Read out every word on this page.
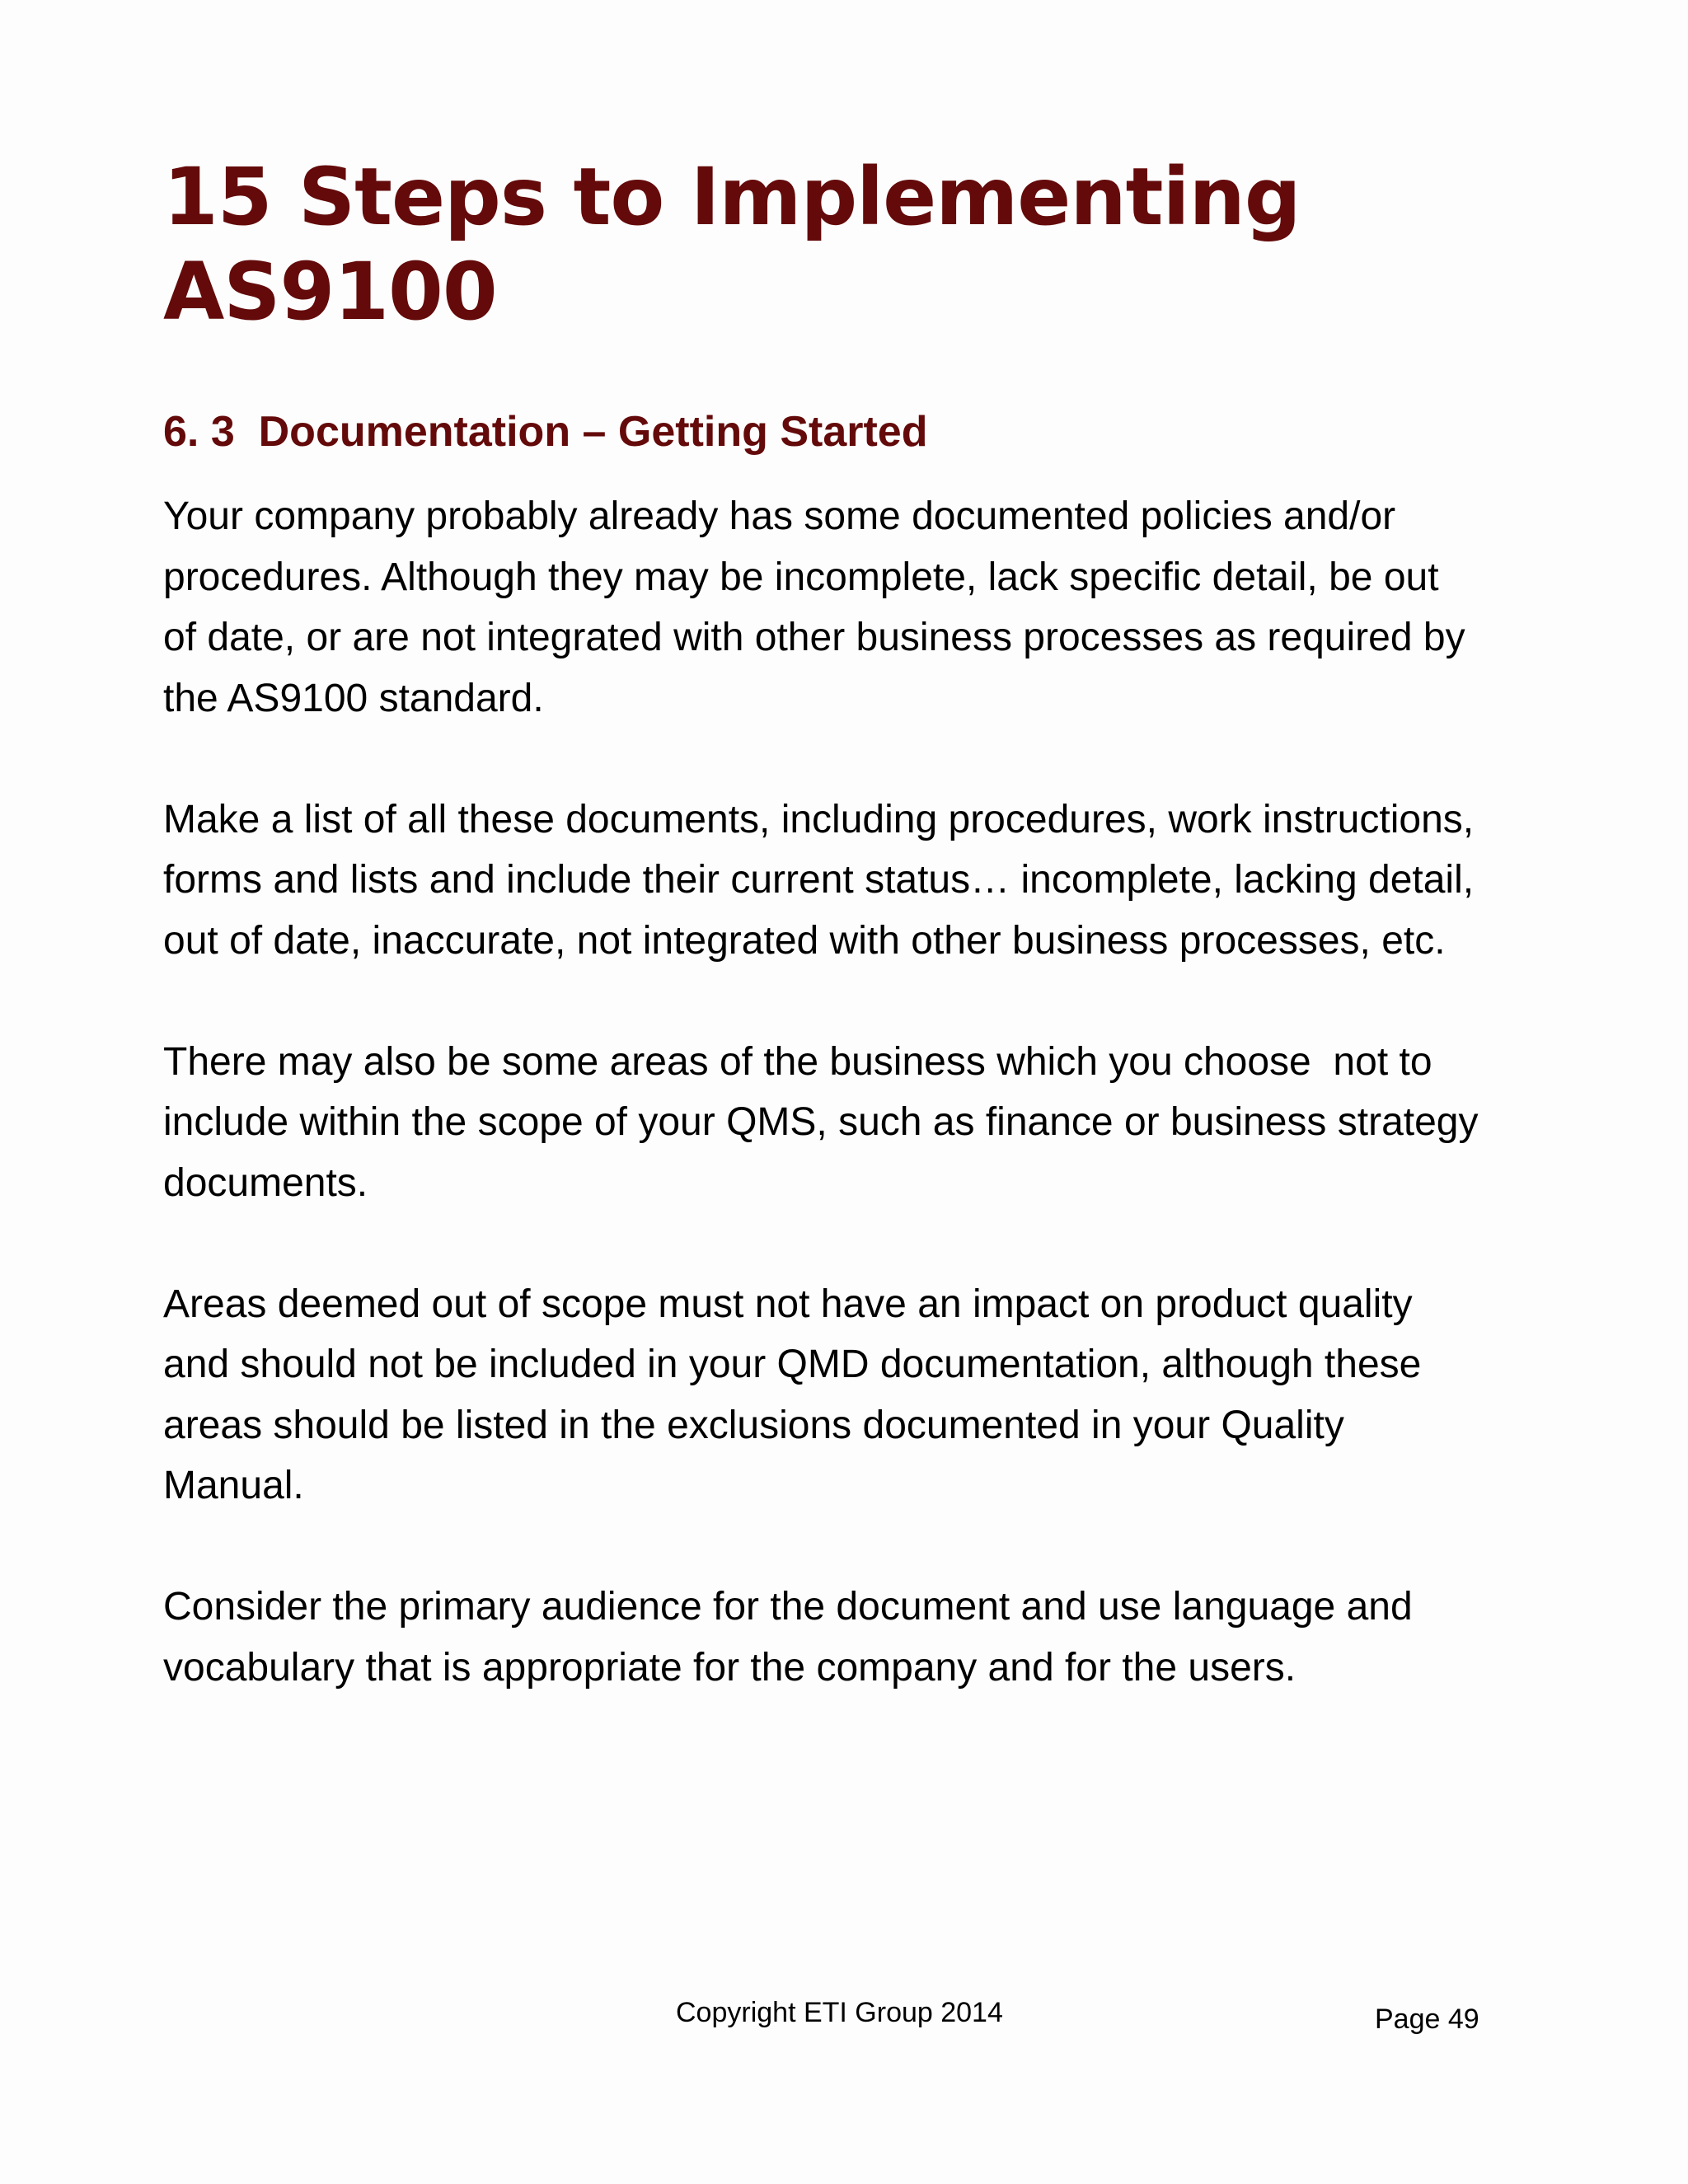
15 Steps to Implementing
AS9100
6. 3  Documentation – Getting Started

Your company probably already has some documented policies and/or
procedures. Although they may be incomplete, lack specific detail, be out
of date, or are not integrated with other business processes as required by
the AS9100 standard.

Make a list of all these documents, including procedures, work instructions,
forms and lists and include their current status… incomplete, lacking detail,
out of date, inaccurate, not integrated with other business processes, etc.

There may also be some areas of the business which you choose  not to
include within the scope of your QMS, such as finance or business strategy
documents.

Areas deemed out of scope must not have an impact on product quality
and should not be included in your QMD documentation, although these
areas should be listed in the exclusions documented in your Quality
Manual.

Consider the primary audience for the document and use language and
vocabulary that is appropriate for the company and for the users.

Copyright ETI Group 2014	Page 49
